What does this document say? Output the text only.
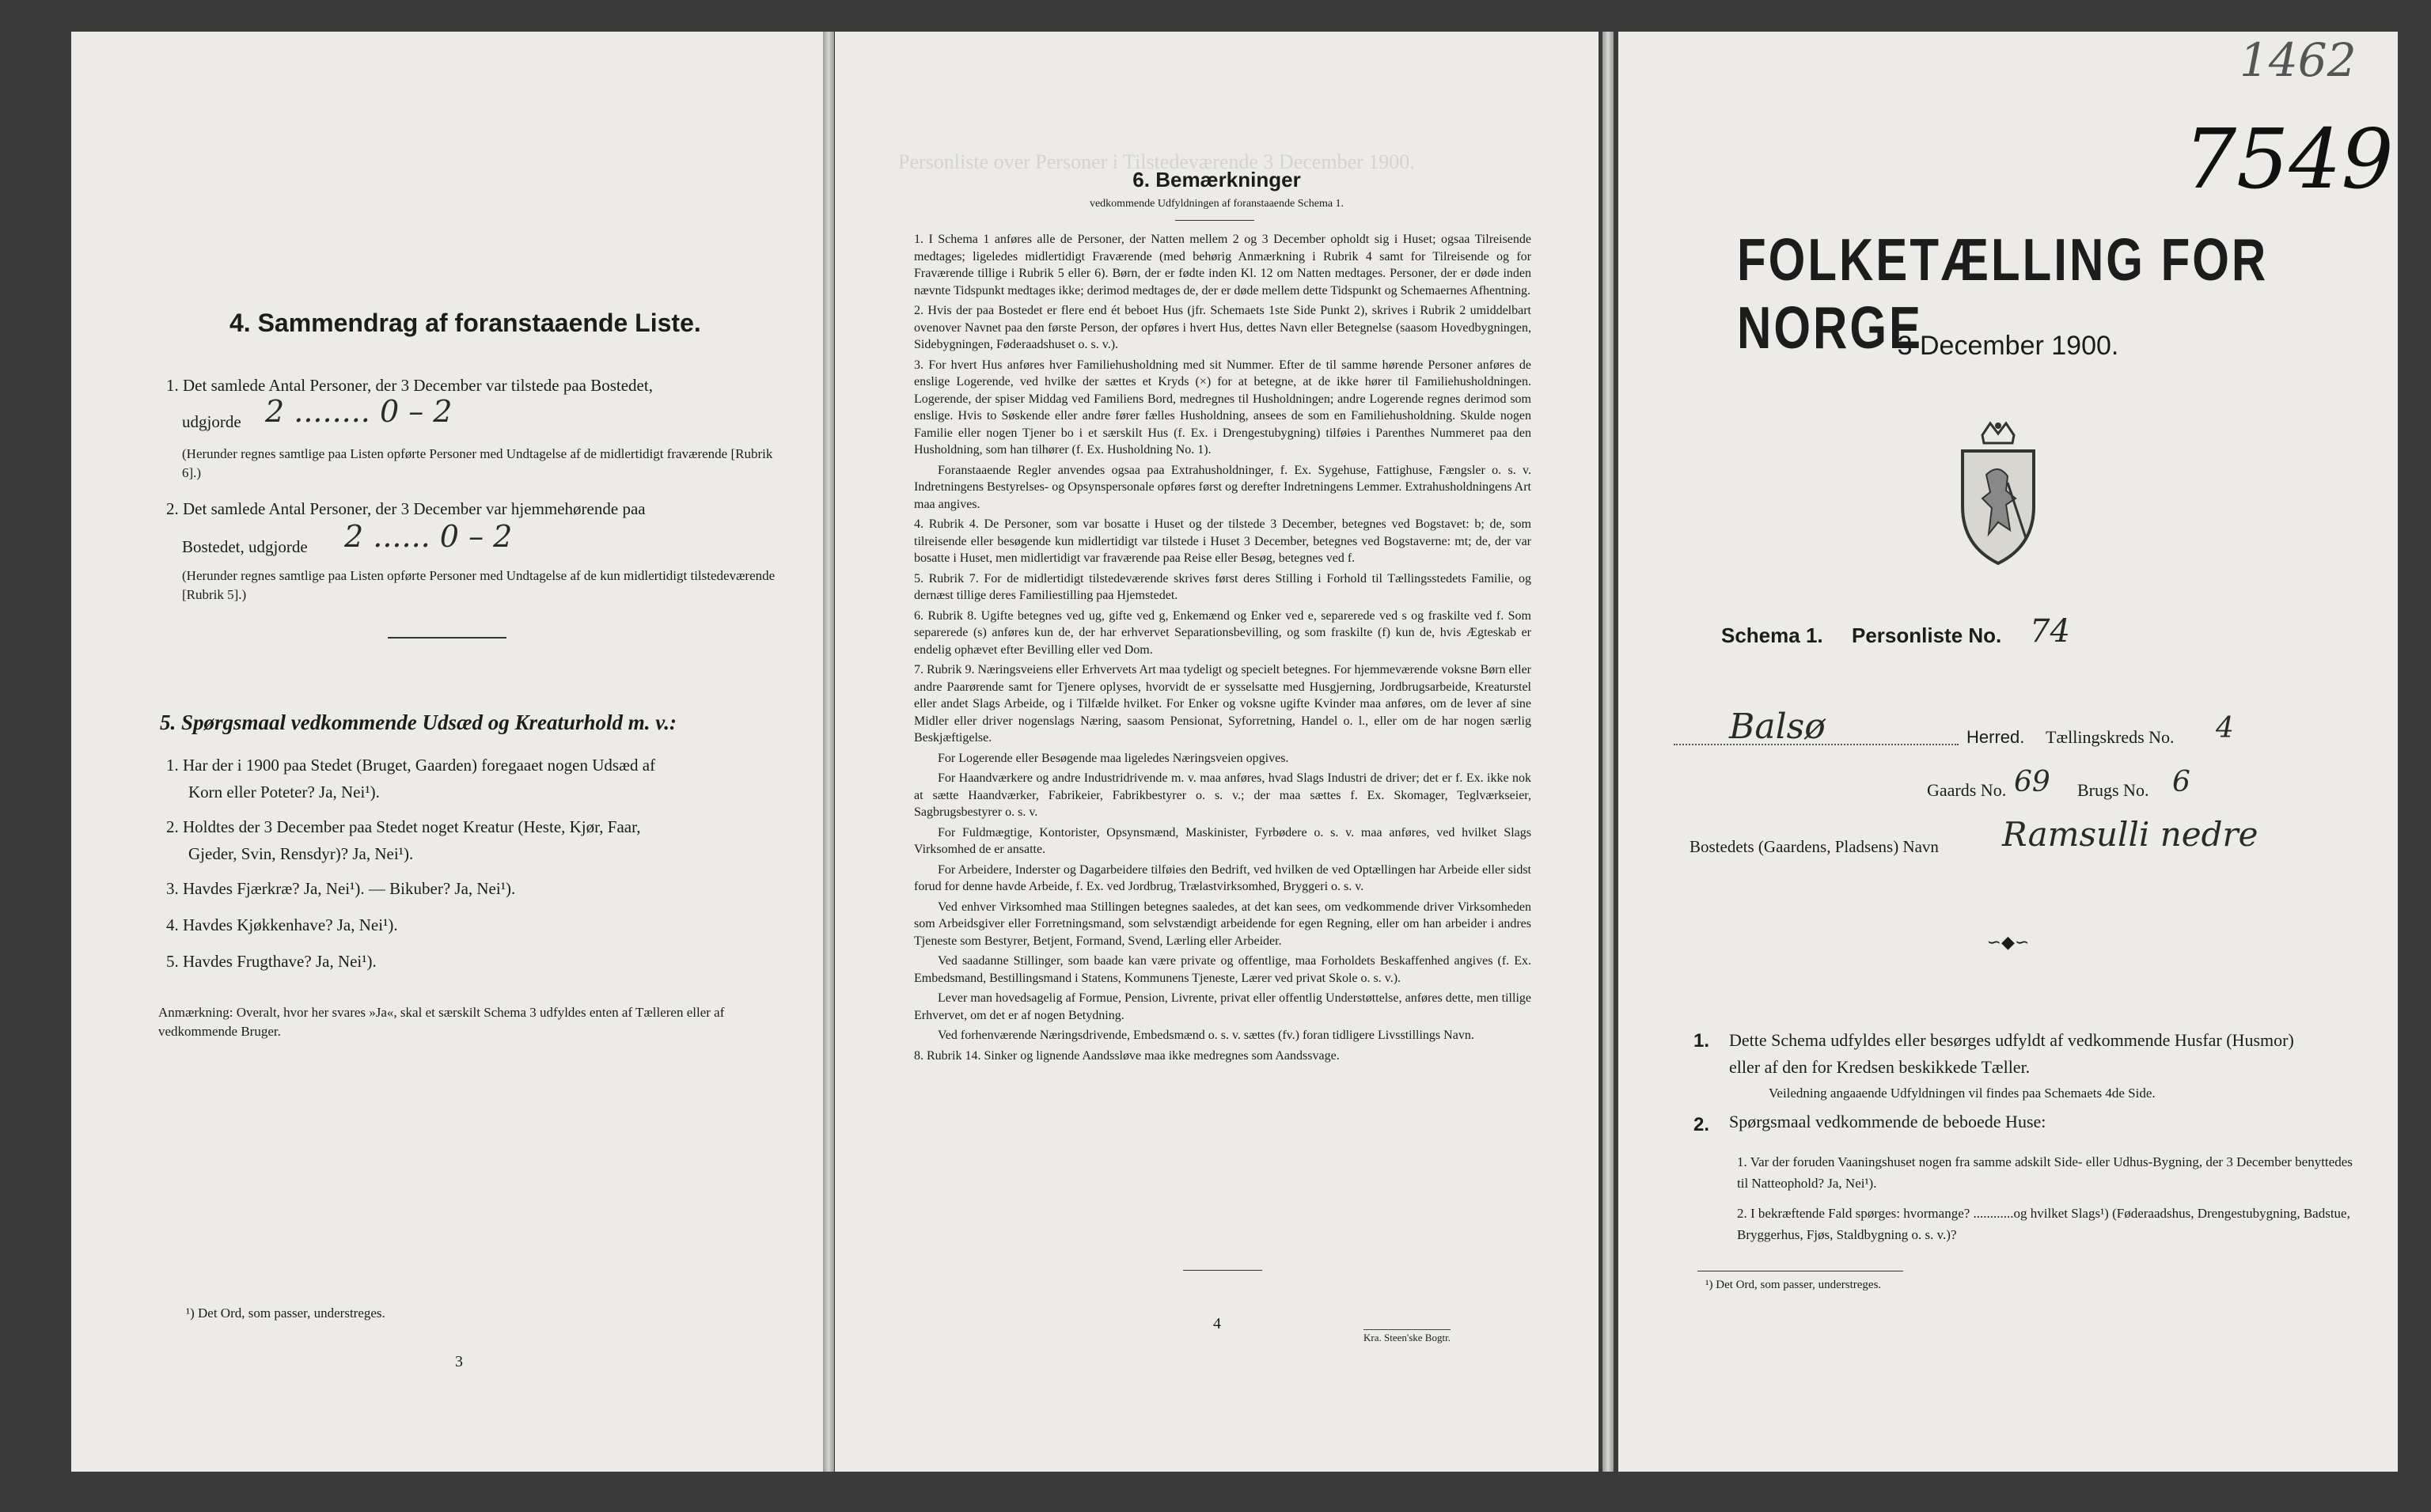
4. Sammendrag af foranstaaende Liste.
1. Det samlede Antal Personer, der 3 December var tilstede paa Bostedet,
udgjorde 2 ........ 0 – 2
(Herunder regnes samtlige paa Listen opførte Personer med Undtagelse af de midlertidigt fraværende [Rubrik 6].)
2. Det samlede Antal Personer, der 3 December var hjemmehørende paa
Bostedet, udgjorde 2 ...... 0 – 2
(Herunder regnes samtlige paa Listen opførte Personer med Undtagelse af de kun midlertidigt tilstedeværende [Rubrik 5].)
5. Spørgsmaal vedkommende Udsæd og Kreaturhold m. v.:
1. Har der i 1900 paa Stedet (Bruget, Gaarden) foregaaet nogen Udsæd af
Korn eller Poteter? Ja, Nei¹).
2. Holdtes der 3 December paa Stedet noget Kreatur (Heste, Kjør, Faar,
Gjeder, Svin, Rensdyr)? Ja, Nei¹).
3. Havdes Fjærkræ? Ja, Nei¹). — Bikuber? Ja, Nei¹).
4. Havdes Kjøkkenhave? Ja, Nei¹).
5. Havdes Frugthave? Ja, Nei¹).
Anmærkning: Overalt, hvor her svares »Ja«, skal et særskilt Schema 3 udfyldes enten af Tælleren eller af vedkommende Bruger.
¹) Det Ord, som passer, understreges.
3
Personliste over Personer i Tilstedeværende 3 December 1900.
6. Bemærkninger
vedkommende Udfyldningen af foranstaaende Schema 1.

1. I Schema 1 anføres alle de Personer, der Natten mellem 2 og 3 December opholdt sig i Huset; ogsaa Tilreisende medtages; ligeledes midlertidigt Fraværende (med behørig Anmærkning i Rubrik 4 samt for Tilreisende og for Fraværende tillige i Rubrik 5 eller 6). Børn, der er fødte inden Kl. 12 om Natten medtages. Personer, der er døde inden nævnte Tidspunkt medtages ikke; derimod medtages de, der er døde mellem dette Tidspunkt og Schemaernes Afhentning.

2. Hvis der paa Bostedet er flere end ét beboet Hus (jfr. Schemaets 1ste Side Punkt 2), skrives i Rubrik 2 umiddelbart ovenover Navnet paa den første Person, der opføres i hvert Hus, dettes Navn eller Betegnelse (saasom Hovedbygningen, Sidebygningen, Føderaadshuset o. s. v.).

3. For hvert Hus anføres hver Familiehusholdning med sit Nummer. Efter de til samme hørende Personer anføres de enslige Logerende, ved hvilke der sættes et Kryds (×) for at betegne, at de ikke hører til Familiehusholdningen. Logerende, der spiser Middag ved Familiens Bord, medregnes til Husholdningen; andre Logerende regnes derimod som enslige. Hvis to Søskende eller andre fører fælles Husholdning, ansees de som en Familiehusholdning. Skulde nogen Familie eller nogen Tjener bo i et særskilt Hus (f. Ex. i Drengestubygning) tilføies i Parenthes Nummeret paa den Husholdning, som han tilhører (f. Ex. Husholdning No. 1).

Foranstaaende Regler anvendes ogsaa paa Extrahusholdninger, f. Ex. Sygehuse, Fattighuse, Fængsler o. s. v. Indretningens Bestyrelses- og Opsynspersonale opføres først og derefter Indretningens Lemmer. Extrahusholdningens Art maa angives.

4. Rubrik 4. De Personer, som var bosatte i Huset og der tilstede 3 December, betegnes ved Bogstavet: b; de, som tilreisende eller besøgende kun midlertidigt var tilstede i Huset 3 December, betegnes ved Bogstaverne: mt; de, der var bosatte i Huset, men midlertidigt var fraværende paa Reise eller Besøg, betegnes ved f.

5. Rubrik 7. For de midlertidigt tilstedeværende skrives først deres Stilling i Forhold til Tællingsstedets Familie, og dernæst tillige deres Familiestilling paa Hjemstedet.

6. Rubrik 8. Ugifte betegnes ved ug, gifte ved g, Enkemænd og Enker ved e, separerede ved s og fraskilte ved f. Som separerede (s) anføres kun de, der har erhvervet Separationsbevilling, og som fraskilte (f) kun de, hvis Ægteskab er endelig ophævet efter Bevilling eller ved Dom.

7. Rubrik 9. Næringsveiens eller Erhvervets Art maa tydeligt og specielt betegnes. For hjemmeværende voksne Børn eller andre Paarørende samt for Tjenere oplyses, hvorvidt de er sysselsatte med Husgjerning, Jordbrugsarbeide, Kreaturstel eller andet Slags Arbeide, og i Tilfælde hvilket. For Enker og voksne ugifte Kvinder maa anføres, om de lever af sine Midler eller driver nogenslags Næring, saasom Pensionat, Syforretning, Handel o. l., eller om de har nogen særlig Beskjæftigelse.

For Logerende eller Besøgende maa ligeledes Næringsveien opgives.

For Haandværkere og andre Industridrivende m. v. maa anføres, hvad Slags Industri de driver; det er f. Ex. ikke nok at sætte Haandværker, Fabrikeier, Fabrikbestyrer o. s. v.; der maa sættes f. Ex. Skomager, Teglværkseier, Sagbrugsbestyrer o. s. v.

For Fuldmægtige, Kontorister, Opsynsmænd, Maskinister, Fyrbødere o. s. v. maa anføres, ved hvilket Slags Virksomhed de er ansatte.

For Arbeidere, Inderster og Dagarbeidere tilføies den Bedrift, ved hvilken de ved Optællingen har Arbeide eller sidst forud for denne havde Arbeide, f. Ex. ved Jordbrug, Trælastvirksomhed, Bryggeri o. s. v.

Ved enhver Virksomhed maa Stillingen betegnes saaledes, at det kan sees, om vedkommende driver Virksomheden som Arbeidsgiver eller Forretningsmand, som selvstændigt arbeidende for egen Regning, eller om han arbeider i andres Tjeneste som Bestyrer, Betjent, Formand, Svend, Lærling eller Arbeider.

Ved saadanne Stillinger, som baade kan være private og offentlige, maa Forholdets Beskaffenhed angives (f. Ex. Embedsmand, Bestillingsmand i Statens, Kommunens Tjeneste, Lærer ved privat Skole o. s. v.).

Lever man hovedsagelig af Formue, Pension, Livrente, privat eller offentlig Understøttelse, anføres dette, men tillige Erhvervet, om det er af nogen Betydning.

Ved forhenværende Næringsdrivende, Embedsmænd o. s. v. sættes (fv.) foran tidligere Livsstillings Navn.

8. Rubrik 14. Sinker og lignende Aandssløve maa ikke medregnes som Aandssvage.

4
Kra. Steen'ske Bogtr.
1462
7549
FOLKETÆLLING FOR NORGE
3 December 1900.
Schema 1. Personliste No. 74
Balsø	Herred. Tællingskreds No. 4
Gaards No. 69 Brugs No. 6
Bostedets (Gaardens, Pladsens) Navn Ramsulli nedre
∽◆∽
1. Dette Schema udfyldes eller besørges udfyldt af vedkommende Husfar (Husmor) eller af den for Kredsen beskikkede Tæller.
Veiledning angaaende Udfyldningen vil findes paa Schemaets 4de Side.
2. Spørgsmaal vedkommende de beboede Huse:
1. Var der foruden Vaaningshuset nogen fra samme adskilt Side- eller Udhus-Bygning, der 3 December benyttedes til Natteophold? Ja, Nei¹).
2. I bekræftende Fald spørges: hvormange? ............og hvilket Slags¹) (Føderaadshus, Drengestubygning, Badstue, Bryggerhus, Fjøs, Staldbygning o. s. v.)?
¹) Det Ord, som passer, understreges.
